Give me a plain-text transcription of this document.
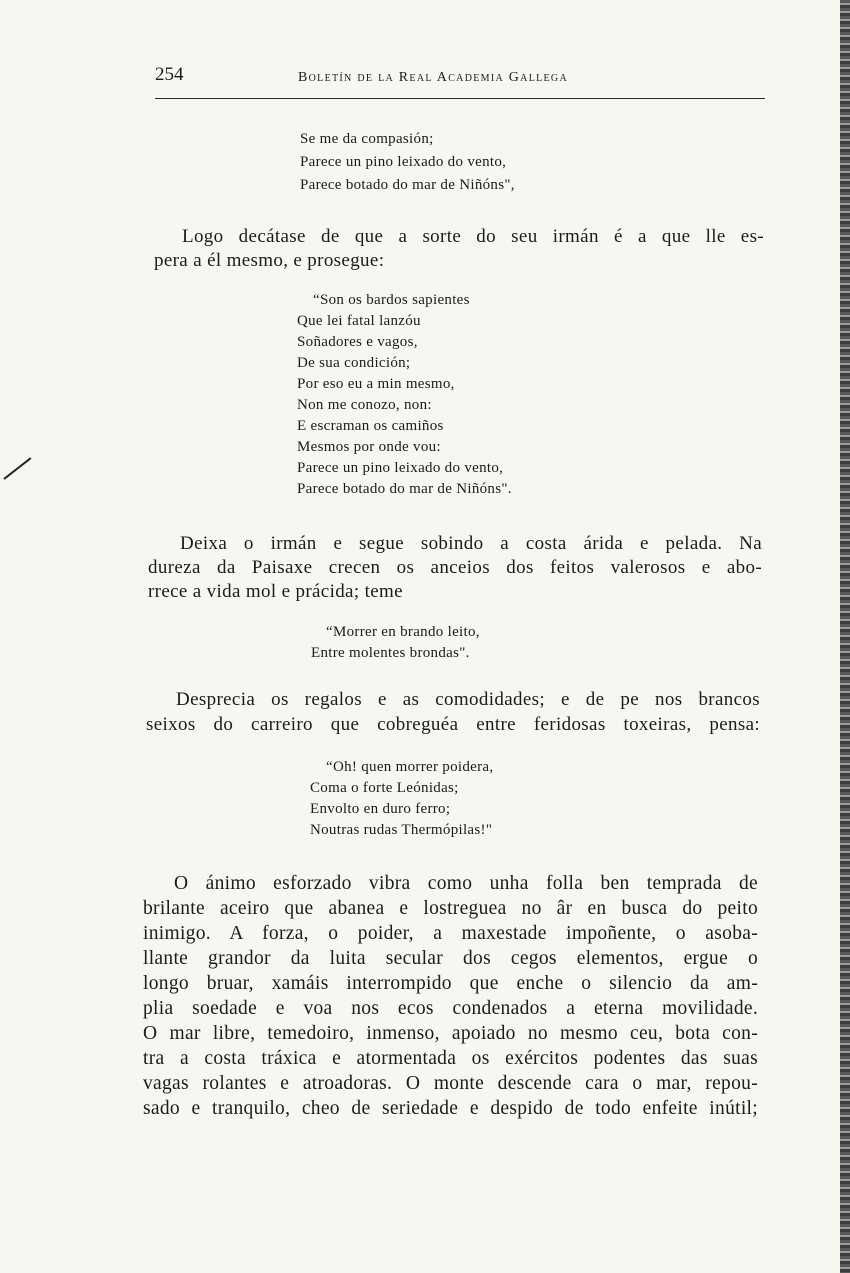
254	Boletín de la Real Academia Gallega
Se me da compasión;
Parece un pino leixado do vento,
Parece botado do mar de Niñóns",
Logo decátase de que a sorte do seu irmán é a que lle es-
pera a él mesmo, e prosegue:
“Son os bardos sapientes
Que lei fatal lanzóu
Soñadores e vagos,
De sua condición;
Por eso eu a min mesmo,
Non me conozo, non:
E escraman os camiños
Mesmos por onde vou:
Parece un pino leixado do vento,
Parece botado do mar de Niñóns".
Deixa o irmán e segue sobindo a costa árida e pelada. Na
dureza da Paisaxe crecen os anceios dos feitos valerosos e abo-
rrece a vida mol e prácida; teme
“Morrer en brando leito,
Entre molentes brondas".
Desprecia os regalos e as comodidades; e de pe nos brancos
seixos do carreiro que cobreguéa entre feridosas toxeiras, pensa:
“Oh! quen morrer poidera,
Coma o forte Leónidas;
Envolto en duro ferro;
Noutras rudas Thermópilas!"
O ánimo esforzado vibra como unha folla ben temprada de
brilante aceiro que abanea e lostreguea no âr en busca do peito
inimigo. A forza, o poider, a maxestade impoñente, o asoba-
llante grandor da luita secular dos cegos elementos, ergue o
longo bruar, xamáis interrompido que enche o silencio da am-
plia soedade e voa nos ecos condenados a eterna movilidade.
O mar libre, temedoiro, inmenso, apoiado no mesmo ceu, bota con-
tra a costa tráxica e atormentada os exércitos podentes das suas
vagas rolantes e atroadoras. O monte descende cara o mar, repou-
sado e tranquilo, cheo de seriedade e despido de todo enfeite inútil;
